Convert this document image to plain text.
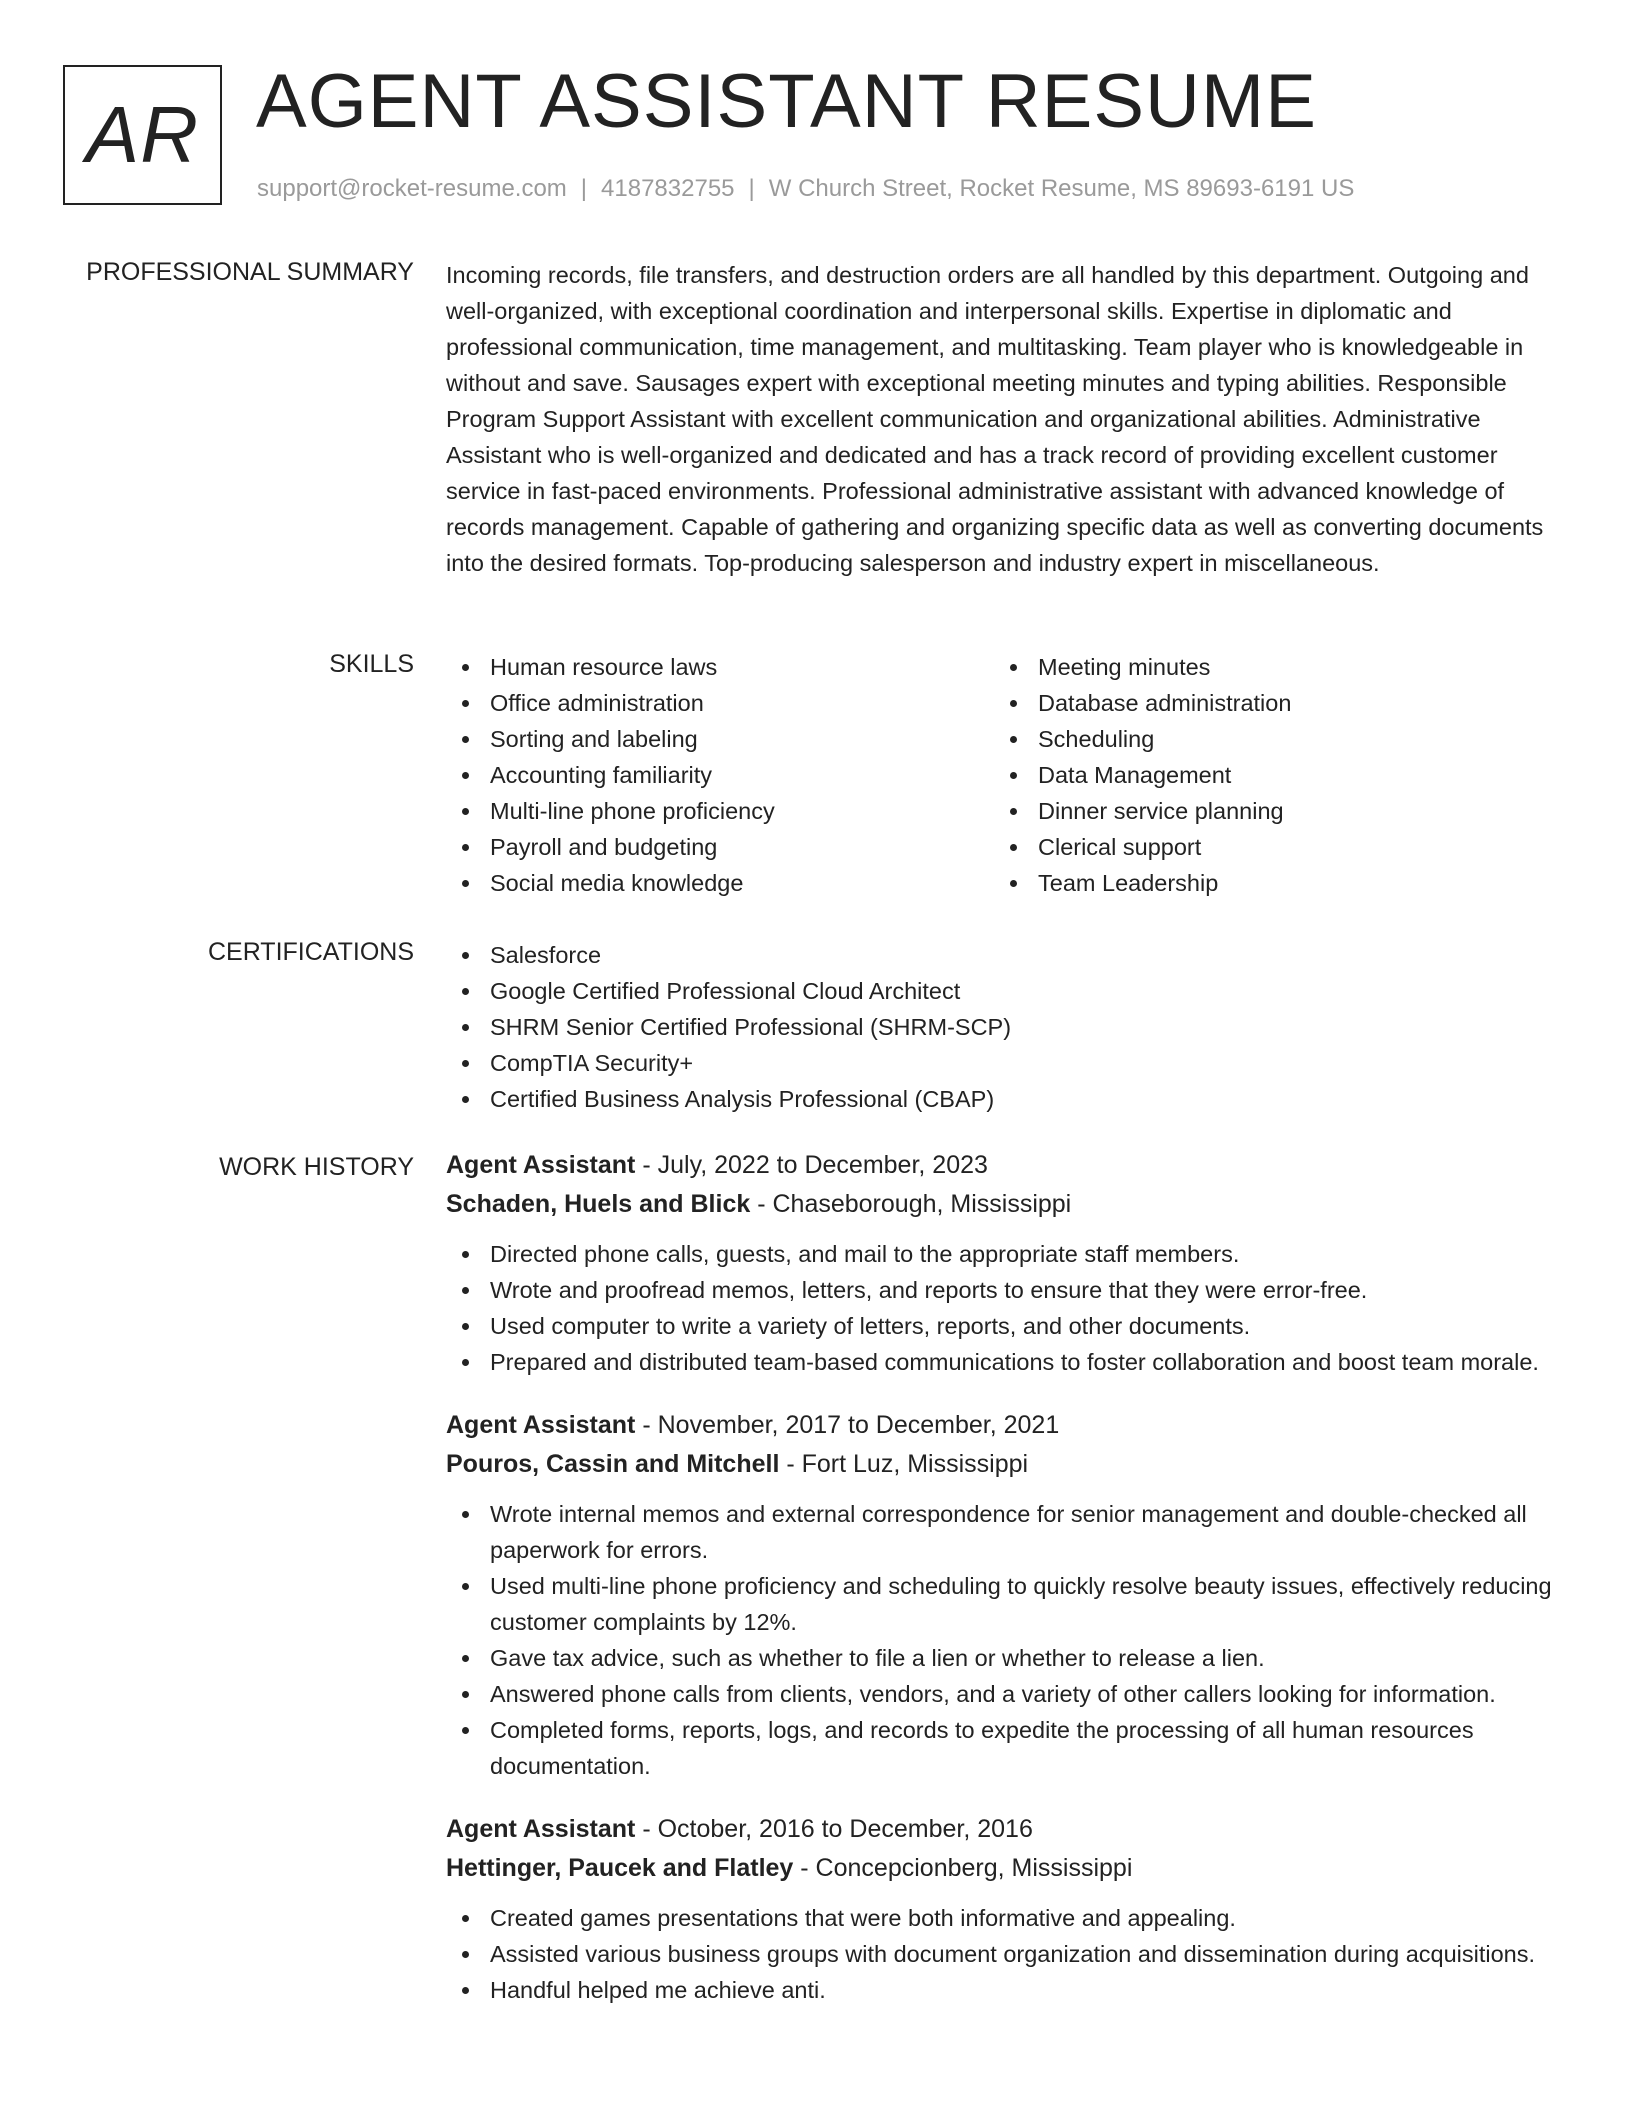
AR AGENT ASSISTANT RESUME
support@rocket-resume.com | 4187832755 | W Church Street, Rocket Resume, MS 89693-6191 US
PROFESSIONAL SUMMARY Incoming records, file transfers, and destruction orders are all handled by this department. Outgoing and well-organized, with exceptional coordination and interpersonal skills. Expertise in diplomatic and professional communication, time management, and multitasking. Team player who is knowledgeable in without and save. Sausages expert with exceptional meeting minutes and typing abilities. Responsible Program Support Assistant with excellent communication and organizational abilities. Administrative Assistant who is well-organized and dedicated and has a track record of providing excellent customer service in fast-paced environments. Professional administrative assistant with advanced knowledge of records management. Capable of gathering and organizing specific data as well as converting documents into the desired formats. Top-producing salesperson and industry expert in miscellaneous.

SKILLS	Human resource laws
Office administration
Sorting and labeling
Accounting familiarity
Multi-line phone proficiency
Payroll and budgeting
Social media knowledge
Meeting minutes
Database administration
Scheduling
Data Management
Dinner service planning
Clerical support
Team Leadership
CERTIFICATIONS	Salesforce
Google Certified Professional Cloud Architect
SHRM Senior Certified Professional (SHRM-SCP)
CompTIA Security+
Certified Business Analysis Professional (CBAP)
WORK HISTORY Agent Assistant - July, 2022 to December, 2023
Schaden, Huels and Blick - Chaseborough, Mississippi
Directed phone calls, guests, and mail to the appropriate staff members.
Wrote and proofread memos, letters, and reports to ensure that they were error-free.
Used computer to write a variety of letters, reports, and other documents.
Prepared and distributed team-based communications to foster collaboration and boost team morale.
Agent Assistant - November, 2017 to December, 2021
Pouros, Cassin and Mitchell - Fort Luz, Mississippi
Wrote internal memos and external correspondence for senior management and double-checked all paperwork for errors.
Used multi-line phone proficiency and scheduling to quickly resolve beauty issues, effectively reducing customer complaints by 12%.
Gave tax advice, such as whether to file a lien or whether to release a lien.
Answered phone calls from clients, vendors, and a variety of other callers looking for information.
Completed forms, reports, logs, and records to expedite the processing of all human resources documentation.
Agent Assistant - October, 2016 to December, 2016
Hettinger, Paucek and Flatley - Concepcionberg, Mississippi
Created games presentations that were both informative and appealing.
Assisted various business groups with document organization and dissemination during acquisitions.
Handful helped me achieve anti.
